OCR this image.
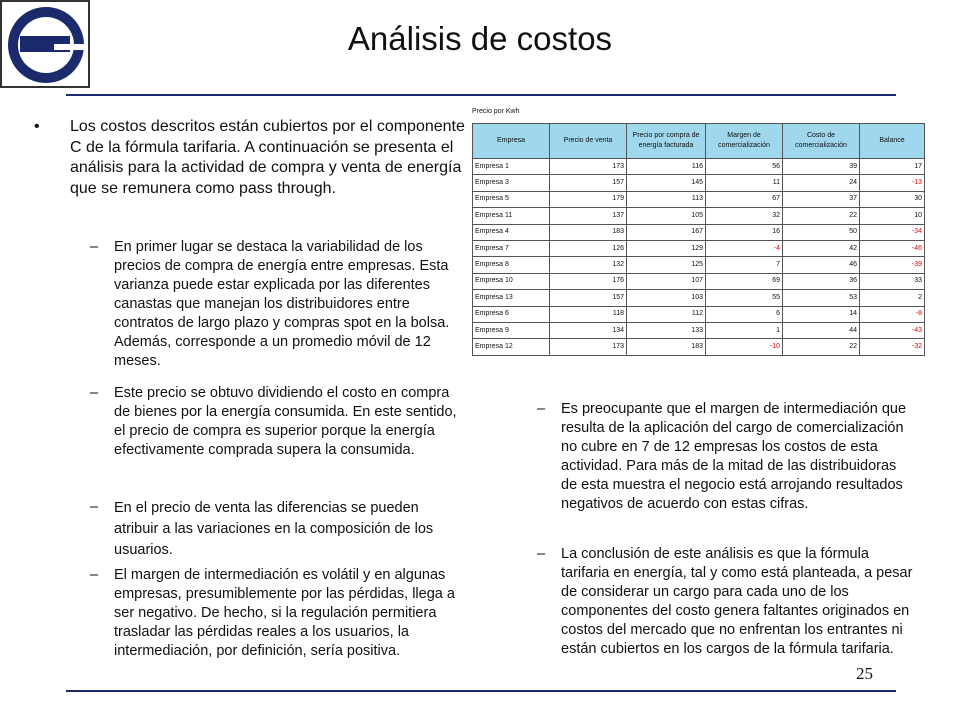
Análisis de costos
• Los costos descritos están cubiertos por el componente C de la fórmula tarifaria. A continuación se presenta el análisis para la actividad de compra y venta de energía que se remunera como pass through.
– En primer lugar se destaca la variabilidad de los precios de compra de energía entre empresas. Esta varianza puede estar explicada por las diferentes canastas que manejan los distribuidores entre contratos de largo plazo y compras spot en la bolsa. Además, corresponde a un promedio móvil de 12 meses.
– Este precio se obtuvo dividiendo el costo en compra de bienes por la energía consumida. En este sentido, el precio de compra es superior porque la energía efectivamente comprada supera la consumida.
– En el precio de venta las diferencias se pueden atribuir a las variaciones en la composición de los usuarios.
– El margen de intermediación es volátil y en algunas empresas, presumiblemente por las pérdidas, llega a ser negativo. De hecho, si la regulación permitiera trasladar las pérdidas reales a los usuarios, la intermediación, por definición, sería positiva.
Precio por Kwh
Empresa	Precio de venta	Precio por compra de energía facturada	Margen de comercialización	Costo de comercialización	Balance
Empresa 1	173	116	56	39	17
Empresa 3	157	145	11	24	-13
Empresa 5	179	113	67	37	30
Empresa 11	137	105	32	22	10
Empresa 4	183	167	16	50	-34
Empresa 7	126	129	-4	42	-46
Empresa 8	132	125	7	46	-39
Empresa 10	176	107	69	36	33
Empresa 13	157	103	55	53	2
Empresa 6	118	112	6	14	-8
Empresa 9	134	133	1	44	-43
Empresa 12	173	183	-10	22	-32
– Es preocupante que el margen de intermediación que resulta de la aplicación del cargo de comercialización no cubre en 7 de 12 empresas los costos de esta actividad. Para más de la mitad de las distribuidoras de esta muestra el negocio está arrojando resultados negativos de acuerdo con estas cifras.
– La conclusión de este análisis es que la fórmula tarifaria en energía, tal y como está planteada, a pesar de considerar un cargo para cada uno de los componentes del costo genera faltantes originados en costos del mercado que no enfrentan los entrantes ni están cubiertos en los cargos de la fórmula tarifaria.
25
